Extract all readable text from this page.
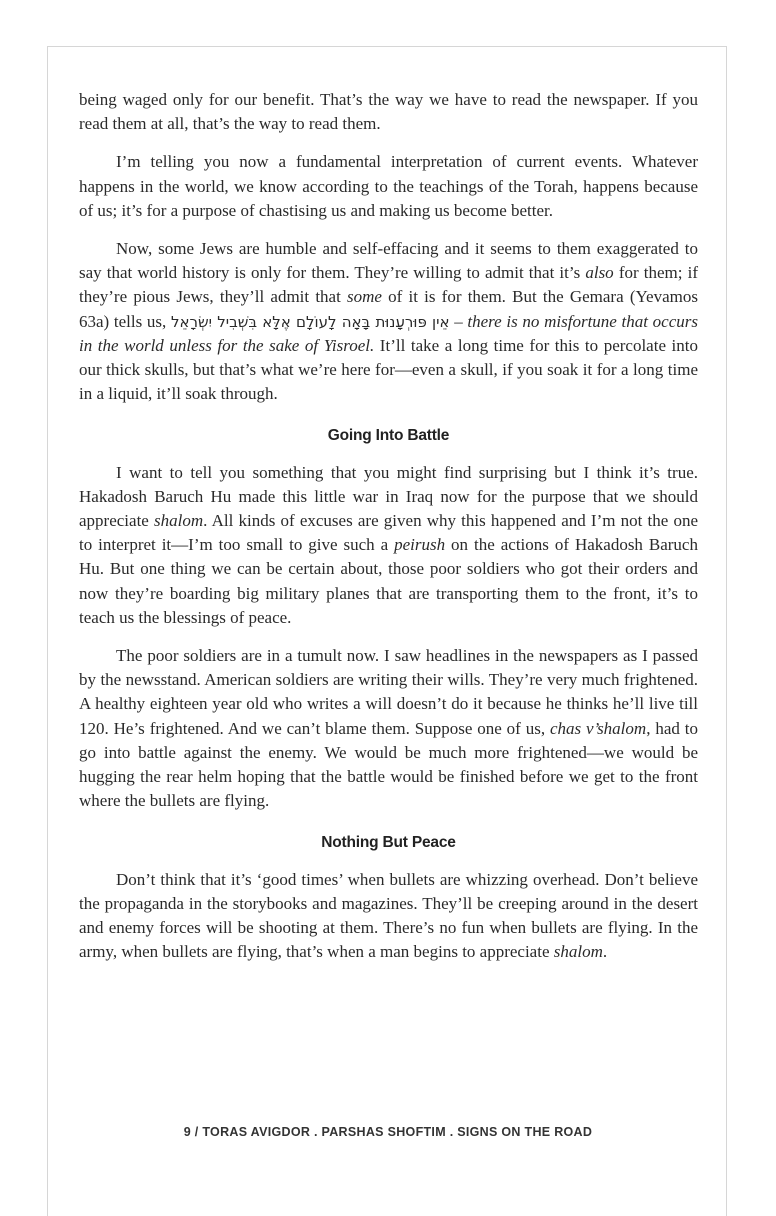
being waged only for our benefit. That’s the way we have to read the newspaper. If you read them at all, that’s the way to read them.

I’m telling you now a fundamental interpretation of current events. Whatever happens in the world, we know according to the teachings of the Torah, happens because of us; it’s for a purpose of chastising us and making us become better.

Now, some Jews are humble and self-effacing and it seems to them exaggerated to say that world history is only for them. They’re willing to admit that it’s also for them; if they’re pious Jews, they’ll admit that some of it is for them. But the Gemara (Yevamos 63a) tells us, אֵין פּוּרְעָנוּת בָּאָה לָעוֹלָם אֶלָּא בִּשְׁבִיל יִשְׂרָאֵל – there is no misfortune that occurs in the world unless for the sake of Yisroel. It’ll take a long time for this to percolate into our thick skulls, but that’s what we’re here for—even a skull, if you soak it for a long time in a liquid, it’ll soak through.

Going Into Battle

I want to tell you something that you might find surprising but I think it’s true. Hakadosh Baruch Hu made this little war in Iraq now for the purpose that we should appreciate shalom. All kinds of excuses are given why this happened and I’m not the one to interpret it—I’m too small to give such a peirush on the actions of Hakadosh Baruch Hu. But one thing we can be certain about, those poor soldiers who got their orders and now they’re boarding big military planes that are transporting them to the front, it’s to teach us the blessings of peace.

The poor soldiers are in a tumult now. I saw headlines in the newspapers as I passed by the newsstand. American soldiers are writing their wills. They’re very much frightened. A healthy eighteen year old who writes a will doesn’t do it because he thinks he’ll live till 120. He’s frightened. And we can’t blame them. Suppose one of us, chas v’shalom, had to go into battle against the enemy. We would be much more frightened—we would be hugging the rear helm hoping that the battle would be finished before we get to the front where the bullets are flying.

Nothing But Peace

Don’t think that it’s ‘good times’ when bullets are whizzing overhead. Don’t believe the propaganda in the storybooks and magazines. They’ll be creeping around in the desert and enemy forces will be shooting at them. There’s no fun when bullets are flying. In the army, when bullets are flying, that’s when a man begins to appreciate shalom.

9 / TORAS AVIGDOR . PARSHAS SHOFTIM . SIGNS ON THE ROAD
